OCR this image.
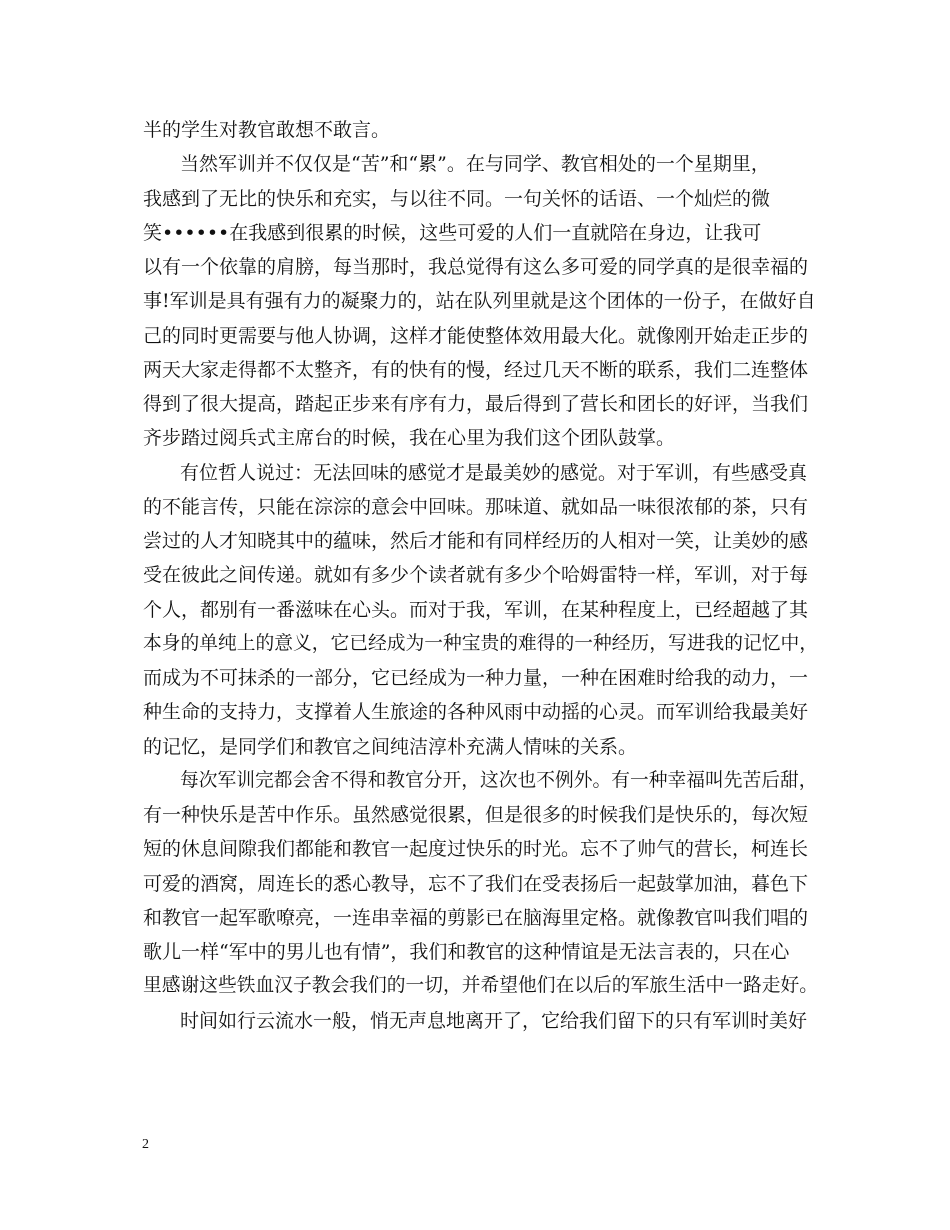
半的学生对教官敢想不敢言。
当然军训并不仅仅是“苦”和“累”。在与同学、教官相处的一个星期里，
我感到了无比的快乐和充实，与以往不同。一句关怀的话语、一个灿烂的微
笑••••••在我感到很累的时候，这些可爱的人们一直就陪在身边，让我可
以有一个依靠的肩膀，每当那时，我总觉得有这么多可爱的同学真的是很幸福的
事!军训是具有强有力的凝聚力的，站在队列里就是这个团体的一份子，在做好自
己的同时更需要与他人协调，这样才能使整体效用最大化。就像刚开始走正步的
两天大家走得都不太整齐，有的快有的慢，经过几天不断的联系，我们二连整体
得到了很大提高，踏起正步来有序有力，最后得到了营长和团长的好评，当我们
齐步踏过阅兵式主席台的时候，我在心里为我们这个团队鼓掌。
有位哲人说过：无法回味的感觉才是最美妙的感觉。对于军训，有些感受真
的不能言传，只能在淙淙的意会中回味。那味道、就如品一味很浓郁的茶，只有
尝过的人才知晓其中的蕴味，然后才能和有同样经历的人相对一笑，让美妙的感
受在彼此之间传递。就如有多少个读者就有多少个哈姆雷特一样，军训，对于每
个人，都别有一番滋味在心头。而对于我，军训，在某种程度上，已经超越了其
本身的单纯上的意义，它已经成为一种宝贵的难得的一种经历，写进我的记忆中，
而成为不可抹杀的一部分，它已经成为一种力量，一种在困难时给我的动力，一
种生命的支持力，支撑着人生旅途的各种风雨中动摇的心灵。而军训给我最美好
的记忆，是同学们和教官之间纯洁淳朴充满人情味的关系。
每次军训完都会舍不得和教官分开，这次也不例外。有一种幸福叫先苦后甜，
有一种快乐是苦中作乐。虽然感觉很累，但是很多的时候我们是快乐的，每次短
短的休息间隙我们都能和教官一起度过快乐的时光。忘不了帅气的营长，柯连长
可爱的酒窝，周连长的悉心教导，忘不了我们在受表扬后一起鼓掌加油，暮色下
和教官一起军歌嘹亮，一连串幸福的剪影已在脑海里定格。就像教官叫我们唱的
歌儿一样“军中的男儿也有情”，我们和教官的这种情谊是无法言表的，只在心
里感谢这些铁血汉子教会我们的一切，并希望他们在以后的军旅生活中一路走好。
时间如行云流水一般，悄无声息地离开了，它给我们留下的只有军训时美好
2
